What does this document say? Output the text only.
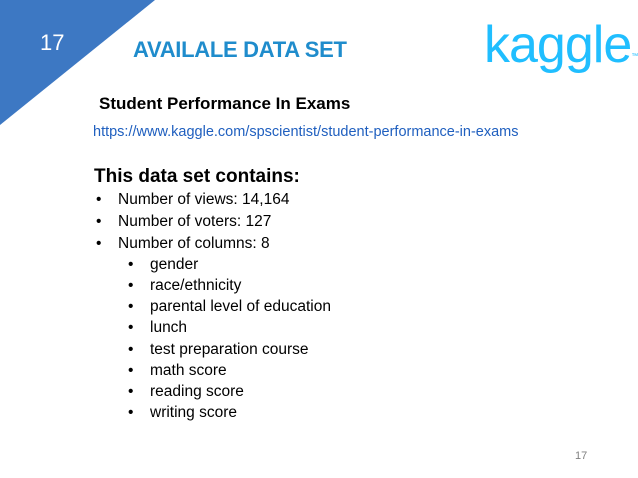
17	AVAILALE DATA SET	kaggle™
Student Performance In Exams
https://www.kaggle.com/spscientist/student-performance-in-exams
This data set contains:
• Number of views: 14,164
• Number of voters: 127
• Number of columns: 8
• gender
• race/ethnicity
• parental level of education
• lunch
• test preparation course
• math score
• reading score
• writing score
17
